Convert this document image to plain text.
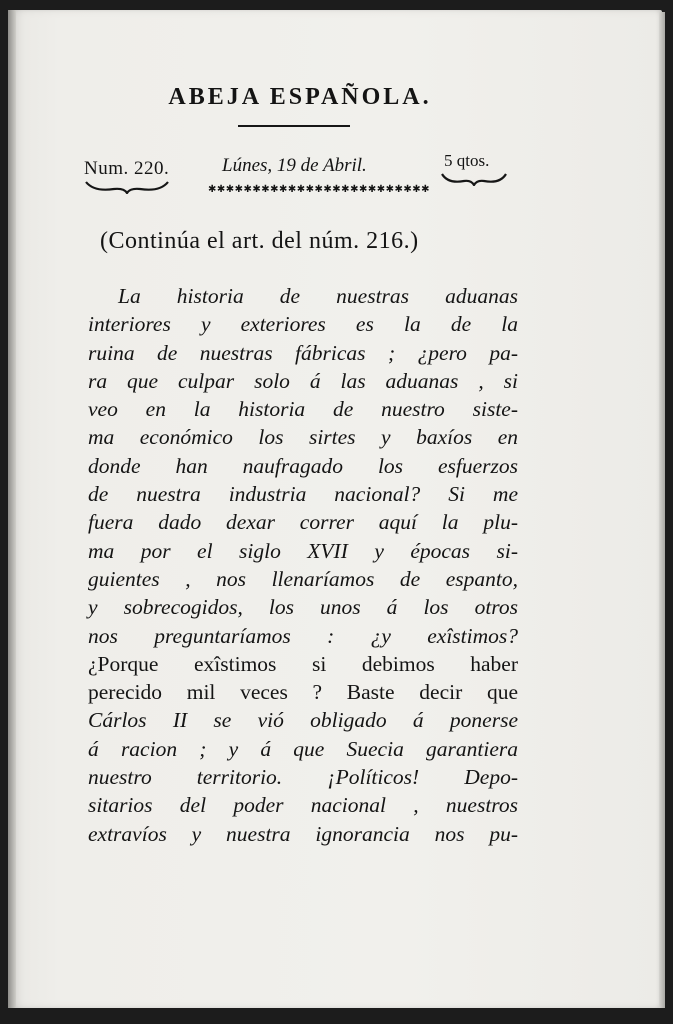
ABEJA ESPAÑOLA.
Num. 220.	Lúnes, 19 de Abril.	5 qtos.
✱✱✱✱✱✱✱✱✱✱✱✱✱✱✱✱✱✱✱✱✱✱✱✱✱
(Continúa el art. del núm. 216.)
La historia de nuestras aduanas
interiores y exteriores es la de la
ruina de nuestras fábricas ; ¿pero pa-
ra que culpar solo á las aduanas , si
veo en la historia de nuestro siste-
ma económico los sirtes y baxíos en
donde han naufragado los esfuerzos
de nuestra industria nacional? Si me
fuera dado dexar correr aquí la plu-
ma por el siglo XVII y épocas si-
guientes , nos llenaríamos de espanto,
y sobrecogidos, los unos á los otros
nos preguntaríamos : ¿y exîstimos?
¿Porque exîstimos si debimos haber
perecido mil veces ? Baste decir que
Cárlos II se vió obligado á ponerse
á racion ; y á que Suecia garantiera
nuestro territorio. ¡Políticos! Depo-
sitarios del poder nacional , nuestros
extravíos y nuestra ignorancia nos pu-
